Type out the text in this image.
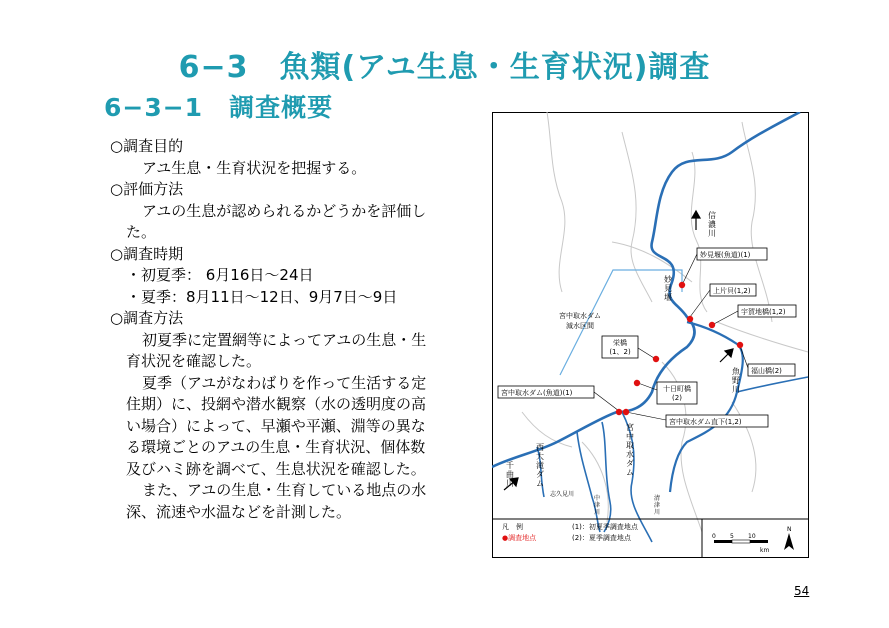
6−3　魚類(アユ生息・生育状況)調査
6−3−1　調査概要

○調査目的

アユ生息・生育状況を把握する。

○評価方法

アユの生息が認められるかどうかを評価し

た。

○調査時期

・初夏季： 6月16日〜24日

・夏季：8月11日〜12日、9月7日〜9日

○調査方法

初夏季に定置網等によってアユの生息・生

育状況を確認した。

夏季（アユがなわばりを作って生活する定

住期）に、投網や潜水観察（水の透明度の高

い場合）によって、早瀬や平瀬、淵等の異な

る環境ごとのアユの生息・生育状況、個体数

及びハミ跡を調べて、生息状況を確認した。

また、アユの生息・生育している地点の水

深、流速や水温などを計測した。

信濃川
妙見堰
魚野川
宮中取水ダム
西大滝ダム
千曲川
中津川
清津川
志久見川
宮中取水ダム
減水区間
妙見堰(魚道)(1)
上片貝(1,2)
宇賀地橋(1,2)
福山橋(2)
栄橋
(1、2)
十日町橋
(2)
宮中取水ダム(魚道)(1)
宮中取水ダム直下(1,2)
凡　例
●調査地点
(1)：初夏季調査地点
(2)：夏季調査地点	0 5 10
km
N
54
